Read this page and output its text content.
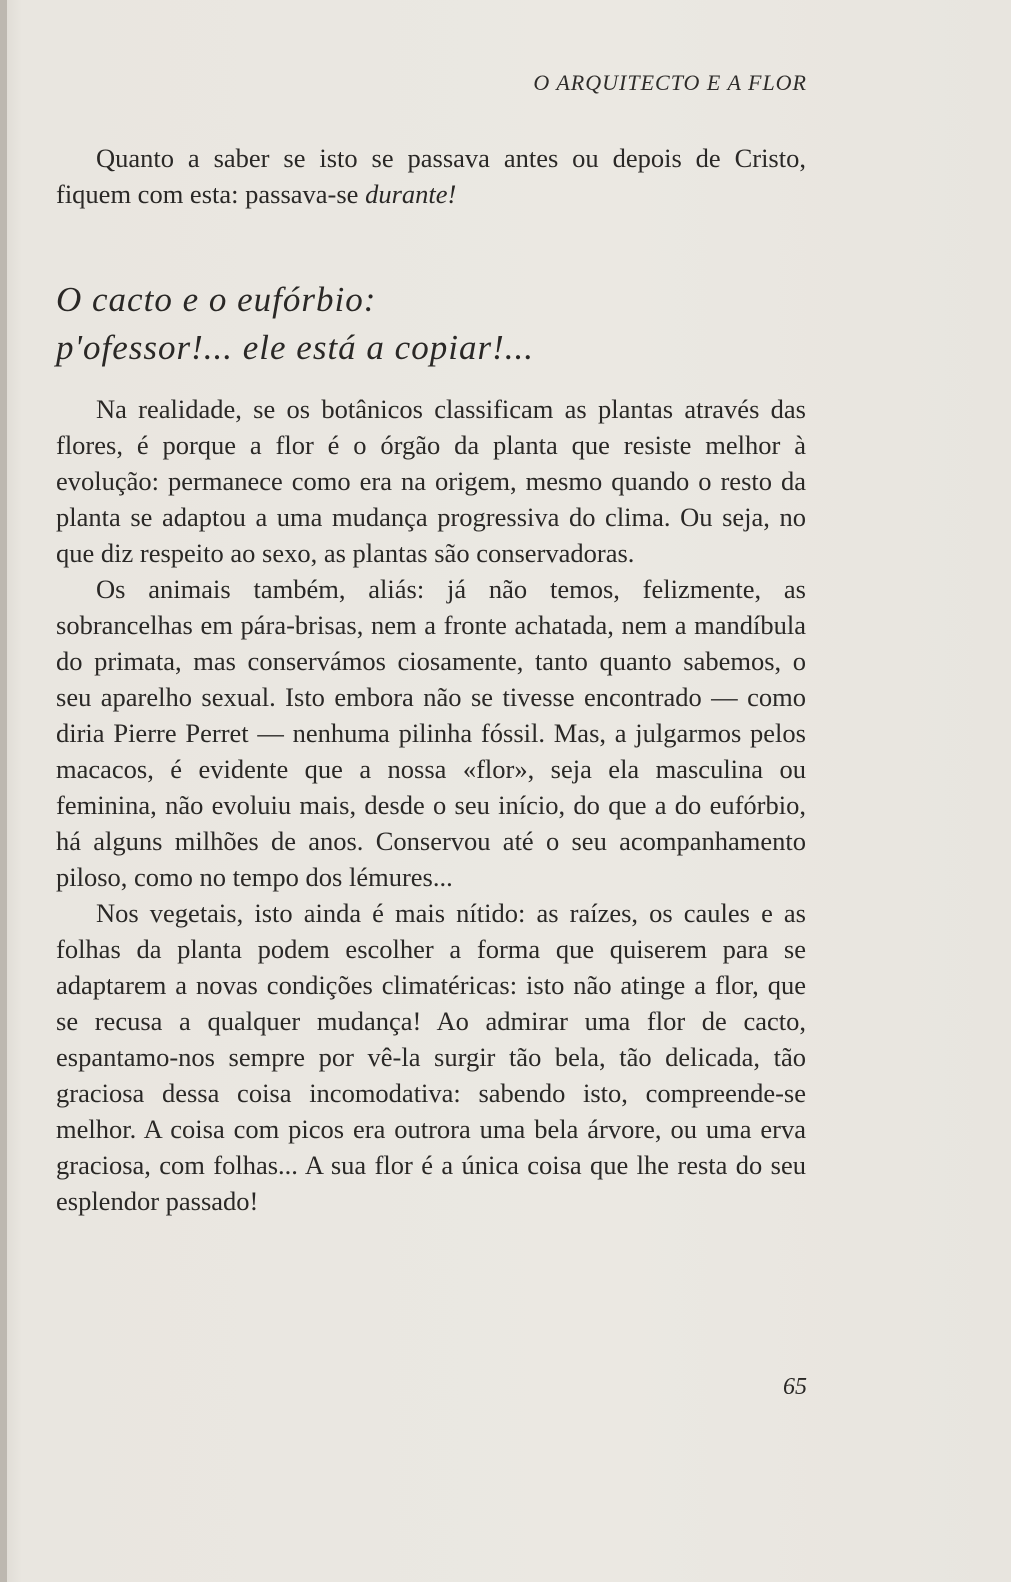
O ARQUITECTO E A FLOR

Quanto a saber se isto se passava antes ou depois de Cristo, fiquem com esta: passava-se durante!

O cacto e o eufórbio:
p'ofessor!... ele está a copiar!...

Na realidade, se os botânicos classificam as plantas através das flores, é porque a flor é o órgão da planta que resiste melhor à evolução: permanece como era na origem, mesmo quando o resto da planta se adaptou a uma mudança progressiva do clima. Ou seja, no que diz respeito ao sexo, as plantas são conservadoras.

Os animais também, aliás: já não temos, felizmente, as sobrancelhas em pára-brisas, nem a fronte achatada, nem a mandíbula do primata, mas conservámos ciosamente, tanto quanto sabemos, o seu aparelho sexual. Isto embora não se tivesse encontrado — como diria Pierre Perret — nenhuma pilinha fóssil. Mas, a julgarmos pelos macacos, é evidente que a nossa «flor», seja ela masculina ou feminina, não evoluiu mais, desde o seu início, do que a do eufórbio, há alguns milhões de anos. Conservou até o seu acompanhamento piloso, como no tempo dos lémures...

Nos vegetais, isto ainda é mais nítido: as raízes, os caules e as folhas da planta podem escolher a forma que quiserem para se adaptarem a novas condições climatéricas: isto não atinge a flor, que se recusa a qualquer mudança! Ao admirar uma flor de cacto, espantamo-nos sempre por vê-la surgir tão bela, tão delicada, tão graciosa dessa coisa incomodativa: sabendo isto, compreende-se melhor. A coisa com picos era outrora uma bela árvore, ou uma erva graciosa, com folhas... A sua flor é a única coisa que lhe resta do seu esplendor passado!

65
